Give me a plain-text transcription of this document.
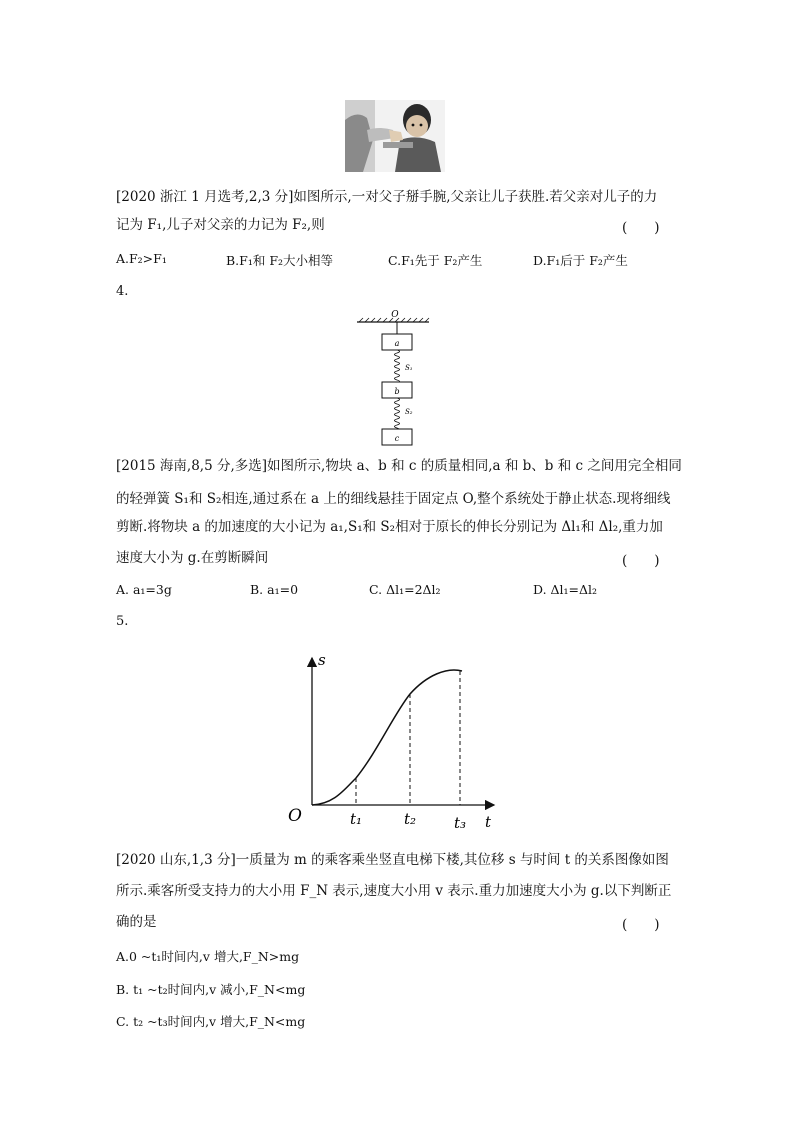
[2020 浙江 1 月选考,2,3 分]如图所示,一对父子掰手腕,父亲让儿子获胜.若父亲对儿子的力
记为 F₁,儿子对父亲的力记为 F₂,则	(　　)
A.F₂>F₁	B.F₁和 F₂大小相等	C.F₁先于 F₂产生	D.F₁后于 F₂产生
4.
O
a
S₁
b
S₂
c
[2015 海南,8,5 分,多选]如图所示,物块 a、b 和 c 的质量相同,a 和 b、b 和 c 之间用完全相同
的轻弹簧 S₁和 S₂相连,通过系在 a 上的细线悬挂于固定点 O,整个系统处于静止状态.现将细线
剪断.将物块 a 的加速度的大小记为 a₁,S₁和 S₂相对于原长的伸长分别记为 Δl₁和 Δl₂,重力加
速度大小为 g.在剪断瞬间	(　　)
A. a₁=3g	B. a₁=0	C. Δl₁=2Δl₂	D. Δl₁=Δl₂
5.
s
t
O	t₁	t₂	t₃
[2020 山东,1,3 分]一质量为 m 的乘客乘坐竖直电梯下楼,其位移 s 与时间 t 的关系图像如图
所示.乘客所受支持力的大小用 F_N 表示,速度大小用 v 表示.重力加速度大小为 g.以下判断正
确的是	(　　)
A.0 ~t₁时间内,v 增大,F_N>mg
B. t₁ ~t₂时间内,v 减小,F_N<mg
C. t₂ ~t₃时间内,v 增大,F_N<mg
